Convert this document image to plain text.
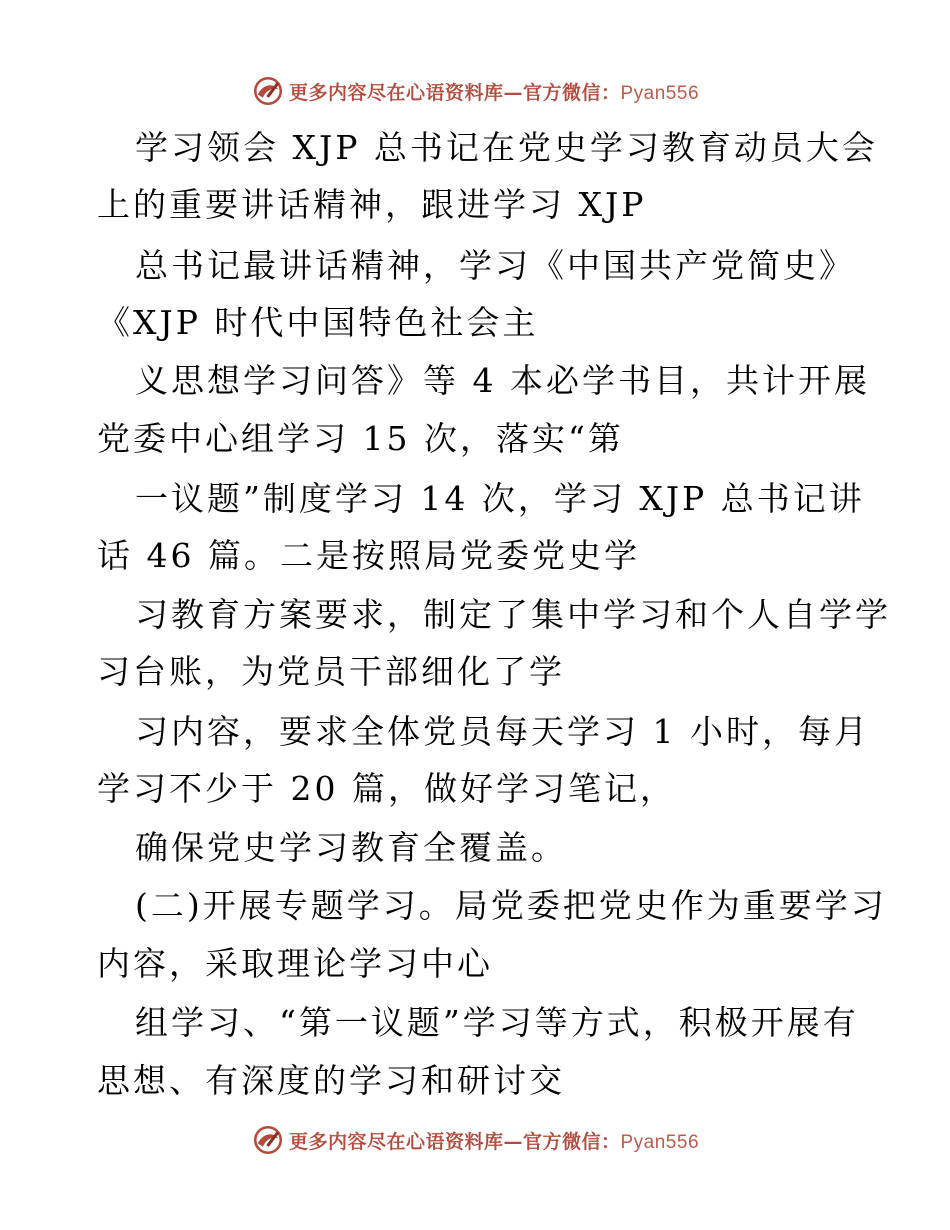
更多内容尽在心语资料库—官方微信：Pyan556
学习领会 XJP 总书记在党史学习教育动员大会
上的重要讲话精神，跟进学习 XJP
总书记最讲话精神，学习《中国共产党简史》
《XJP 时代中国特色社会主
义思想学习问答》等 4 本必学书目，共计开展
党委中心组学习 15 次，落实“第
一议题”制度学习 14 次，学习 XJP 总书记讲
话 46 篇。二是按照局党委党史学
习教育方案要求，制定了集中学习和个人自学学
习台账，为党员干部细化了学
习内容，要求全体党员每天学习 1 小时，每月
学习不少于 20 篇，做好学习笔记，
确保党史学习教育全覆盖。
(二)开展专题学习。局党委把党史作为重要学习
内容，采取理论学习中心
组学习、“第一议题”学习等方式，积极开展有
思想、有深度的学习和研讨交
更多内容尽在心语资料库—官方微信：Pyan556
